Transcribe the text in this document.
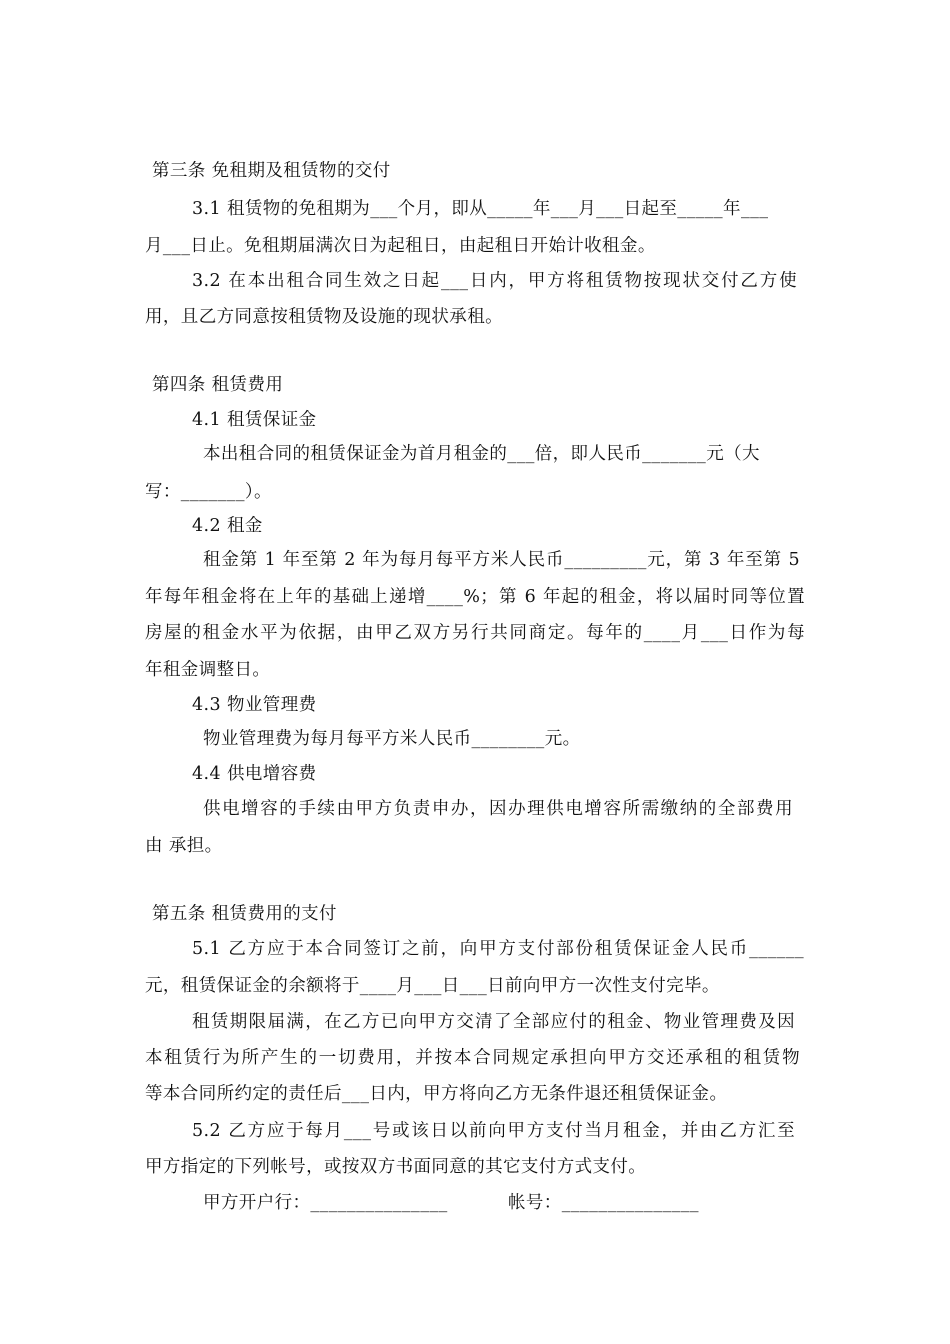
第三条 免租期及租赁物的交付
3.1 租赁物的免租期为___个月，即从_____年___月___日起至_____年___
月___日止。免租期届满次日为起租日，由起租日开始计收租金。
3.2 在本出租合同生效之日起___日内，甲方将租赁物按现状交付乙方使
用，且乙方同意按租赁物及设施的现状承租。
第四条 租赁费用
4.1 租赁保证金
本出租合同的租赁保证金为首月租金的___倍，即人民币_______元（大
写：_______）。
4.2 租金
租金第 1 年至第 2 年为每月每平方米人民币_________元，第 3 年至第 5
年每年租金将在上年的基础上递增____%；第 6 年起的租金，将以届时同等位置
房屋的租金水平为依据，由甲乙双方另行共同商定。每年的____月___日作为每
年租金调整日。
4.3 物业管理费
物业管理费为每月每平方米人民币________元。
4.4 供电增容费
供电增容的手续由甲方负责申办，因办理供电增容所需缴纳的全部费用
由 承担。
第五条 租赁费用的支付
5.1 乙方应于本合同签订之前，向甲方支付部份租赁保证金人民币______
元，租赁保证金的余额将于____月___日___日前向甲方一次性支付完毕。
租赁期限届满，在乙方已向甲方交清了全部应付的租金、物业管理费及因
本租赁行为所产生的一切费用，并按本合同规定承担向甲方交还承租的租赁物
等本合同所约定的责任后___日内，甲方将向乙方无条件退还租赁保证金。
5.2 乙方应于每月___号或该日以前向甲方支付当月租金，并由乙方汇至
甲方指定的下列帐号，或按双方书面同意的其它支付方式支付。
甲方开户行：_______________	帐号：_______________
